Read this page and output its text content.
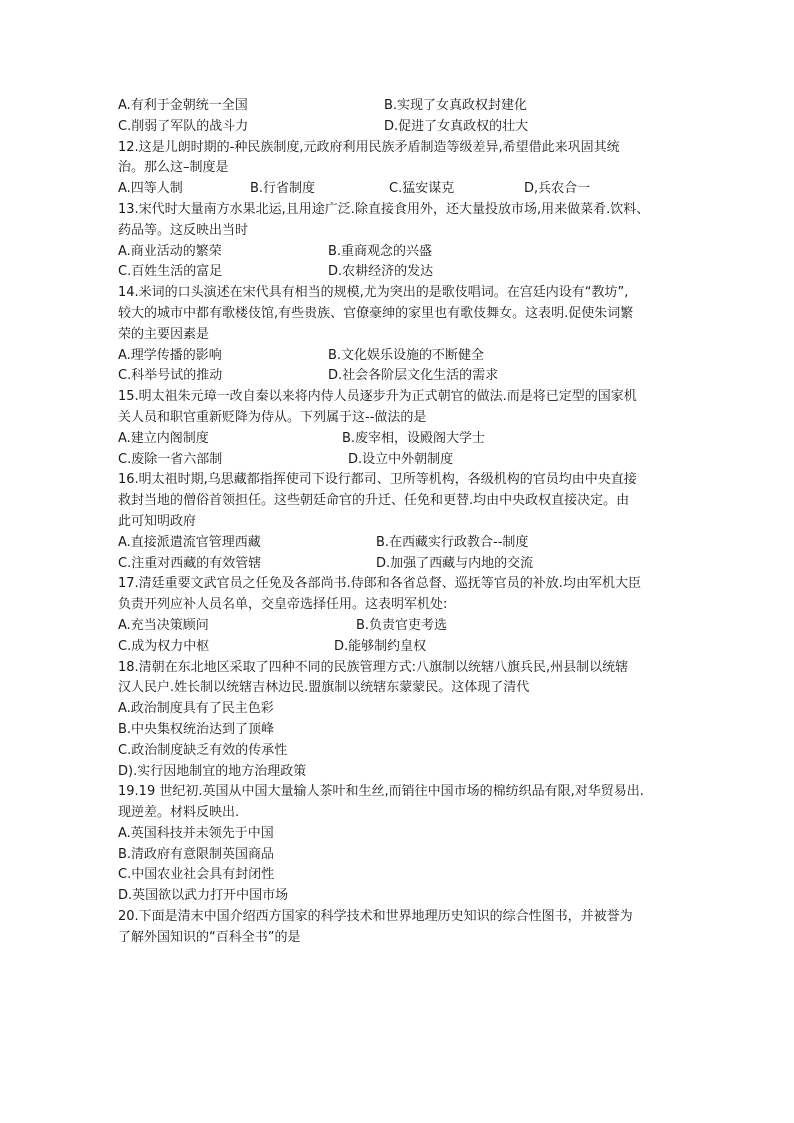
A.有利于金朝统一全国	B.实现了女真政权封建化
C.削弱了军队的战斗力	D.促进了女真政权的壮大
12.这是儿朗时期的-种民族制度,元政府利用民族矛盾制造等级差异,希望借此来巩固其统
治。那么这–制度是
A.四等人制	B.行省制度	C.猛安谋克	D,兵农合一
13.宋代时大量南方水果北运,且用途广泛.除直接食用外，还大量投放市场,用来做菜肴.饮料、
药品等。这反映出当时
A.商业活动的繁荣	B.重商观念的兴盛
C.百姓生活的富足	D.农耕经济的发达
14.米词的口头演述在宋代具有相当的规模,尤为突出的是歌伎唱词。在宫廷内设有“教坊”,
较大的城市中都有歌楼伎馆,有些贵族、官僚豪绅的家里也有歌伎舞女。这表明.促使朱词繁
荣的主要因素是
A.理学传播的影响	B.文化娱乐设施的不断健全
C.科举号试的推动	D.社会各阶层文化生活的需求
15.明太祖朱元璋一改自秦以来将内侍人员逐步升为正式朝官的做法.而是将已定型的国家机
关人员和职官重新贬降为侍从。下列属于这--做法的是
A.建立内阁制度	B.废宰相，设殿阁大学士
C.废除一省六部制	D.设立中外朝制度
16.明太祖时期,乌思藏都指挥使司下设行都司、卫所等机构，各级机构的官员均由中央直接
救封当地的僧俗首领担任。这些朝廷命官的升迁、任免和更替.均由中央政权直接决定。由
此可知明政府
A.直接派遣流官管理西藏	B.在西藏实行政教合--制度
C.注重对西藏的有效管辖	D.加强了西藏与内地的交流
17.清廷重要文武官员之任免及各部尚书.侍郎和各省总督、巡抚等官员的补放.均由军机大臣
负责开列应补人员名单，交皇帝选择任用。这表明军机处:
A.充当决策顾问	B.负责官吏考选
C.成为权力中枢	D.能够制约皇权
18.清朝在东北地区采取了四种不同的民族管理方式:八旗制以统辖八旗兵民,州县制以统辖
汉人民户.姓长制以统辖吉林边民.盟旗制以统辖东蒙蒙民。这体现了清代
A.政治制度具有了民主色彩
B.中央集权统治达到了顶峰
C.政治制度缺乏有效的传承性
D).实行因地制宜的地方治理政策
19.19 世纪初.英国从中国大量输人茶叶和生丝,而销往中国市场的棉纺织品有限,对华贸易出.
现逆差。材料反映出.
A.英国科技并未领先于中国
B.清政府有意限制英国商品
C.中国农业社会具有封闭性
D.英国欲以武力打开中国市场
20.下面是清末中国介绍西方国家的科学技术和世界地理历史知识的综合性图书，并被誉为
了解外国知识的“百科全书”的是
